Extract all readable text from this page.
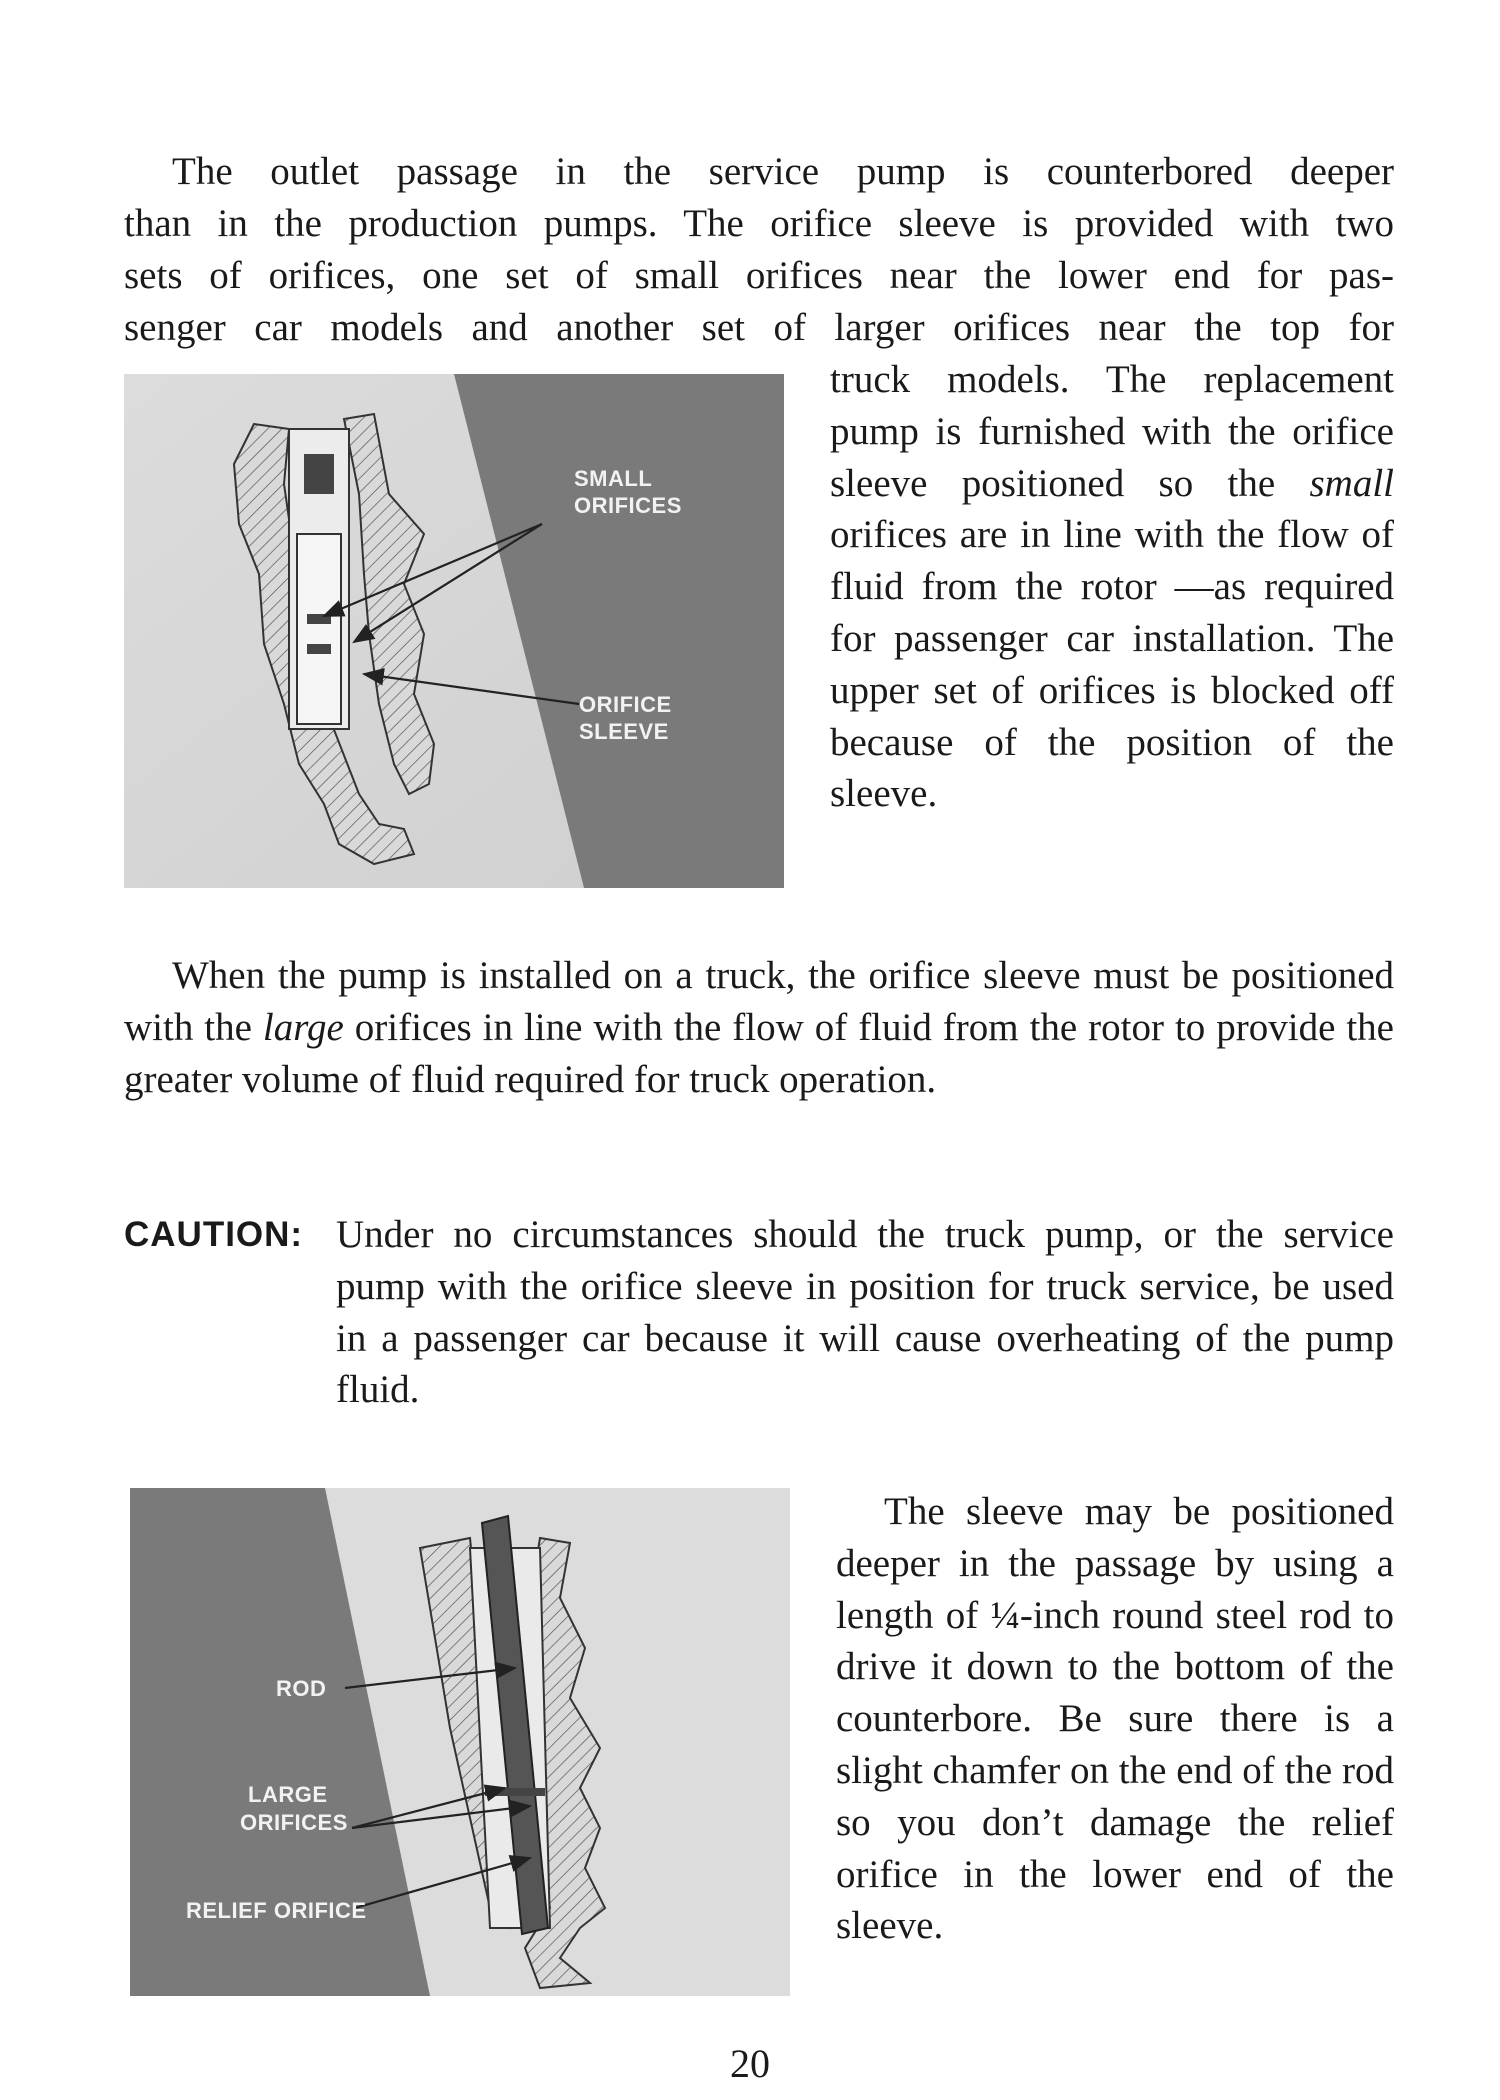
The outlet passage in the service pump is counterbored deeper
than in the production pumps. The orifice sleeve is provided with two
sets of orifices, one set of small orifices near the lower end for pas-
senger car models and another set of larger orifices near the top for
SMALL
ORIFICES
ORIFICE
SLEEVE

truck models. The replacement pump is furnished with the orifice sleeve positioned so the small orifices are in line with the flow of fluid from the rotor —as required for passenger car installation. The upper set of orifices is blocked off because of the position of the sleeve.

When the pump is installed on a truck, the orifice sleeve must be positioned with the large orifices in line with the flow of fluid from the rotor to provide the greater volume of fluid required for truck operation.

CAUTION: Under no circumstances should the truck pump, or the service pump with the orifice sleeve in position for truck service, be used in a passenger car because it will cause overheating of the pump fluid.

ROD
LARGE
ORIFICES
RELIEF ORIFICE

The sleeve may be positioned deeper in the passage by using a length of ¼-inch round steel rod to drive it down to the bottom of the counterbore. Be sure there is a slight chamfer on the end of the rod so you don’t damage the relief orifice in the lower end of the sleeve.

20
